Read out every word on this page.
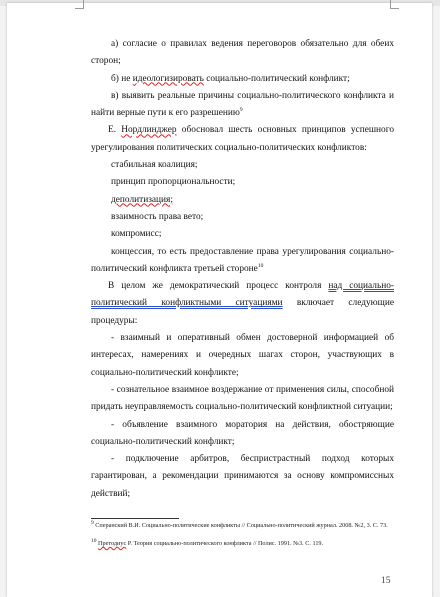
а) согласие о правилах ведения переговоров обязательно для обеих сторон;

б) не идеологизировать социально-политический конфликт;

в) выявить реальные причины социально-политического конфликта и найти верные пути к его разрешению$^9$

Е. Нордлинджер обосновал шесть основных принципов успешного урегулирования политических социально-политических конфликтов:

стабильная коалиция;

принцип пропорциональности;

деполитизация;

взаимность права вето;

компромисс;

концессия, то есть предоставление права урегулирования социально-политический конфликта третьей стороне$^{10}$

В целом же демократический процесс контроля над социально-политический конфликтными ситуациями включает следующие процедуры:

- взаимный и оперативный обмен достоверной информацией об интересах, намерениях и очередных шагах сторон, участвующих в социально-политический конфликте;

- сознательное взаимное воздержание от применения силы, способной придать неуправляемость социально-политический конфликтной ситуации;

- объявление взаимного моратория на действия, обостряющие социально-политический конфликт;

- подключение арбитров, беспристрастный подход которых гарантирован, а рекомендации принимаются за основу компромиссных действий;

$^9$ Сперанский В.И. Социально-политические конфликты // Социально-политический журнал. 2008. №2, 3. С. 73.
$^{10}$ Претодиус Р. Теория социально-политического конфликта // Полис. 1991. №3. С. 119.
15
